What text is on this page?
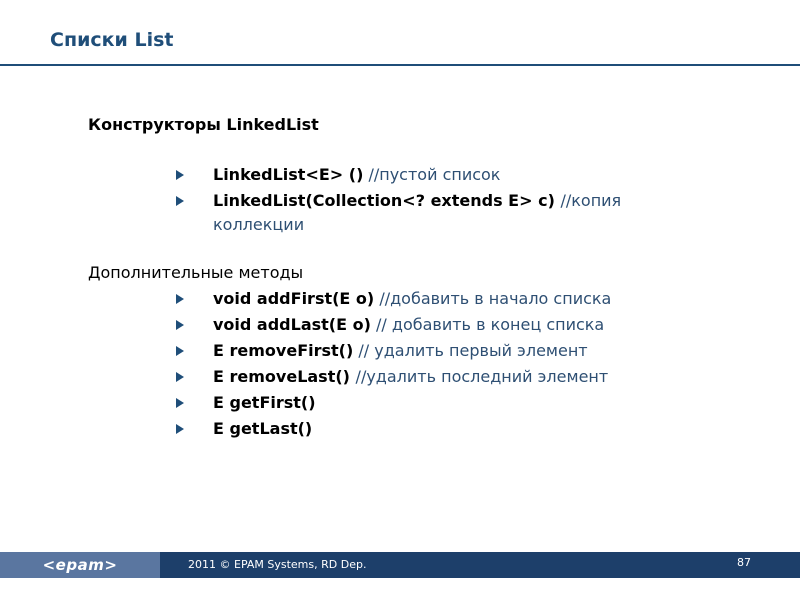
Списки List
Конструкторы LinkedList
LinkedList<E> () //пустой список
LinkedList(Collection<? extends E> c) //копия коллекции
Дополнительные методы
void addFirst(E o) //добавить в начало списка
void addLast(E o) // добавить в конец списка
E removeFirst() // удалить первый элемент
E removeLast() //удалить последний элемент
E getFirst()
E getLast()
<epam>	2011 © EPAM Systems, RD Dep.	87
